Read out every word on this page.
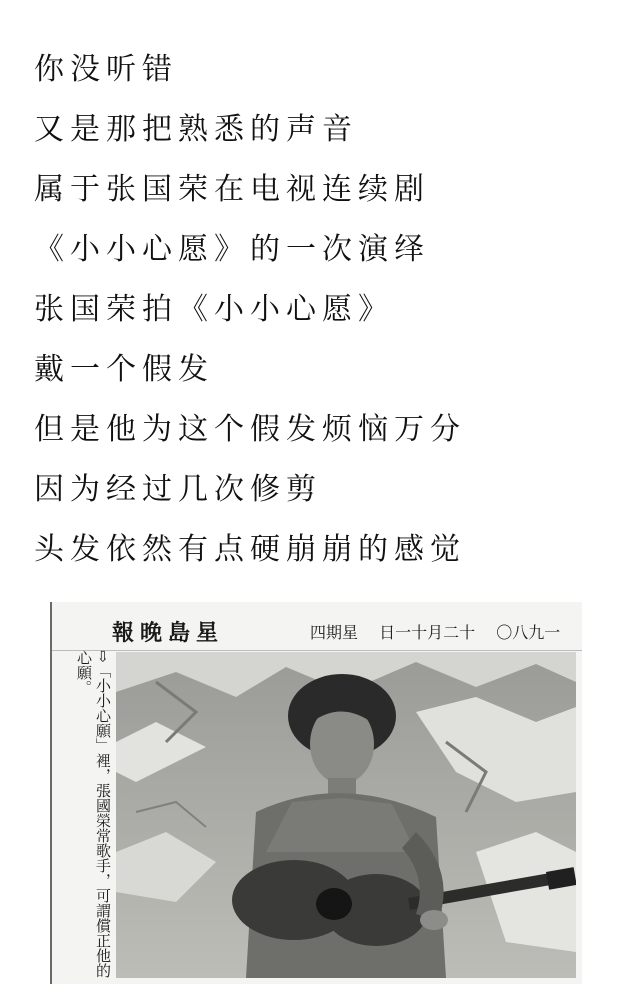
你没听错
又是那把熟悉的声音
属于张国荣在电视连续剧
《小小心愿》的一次演绎
张国荣拍《小小心愿》
戴一个假发
但是他为这个假发烦恼万分
因为经过几次修剪
头发依然有点硬崩崩的感觉
報晚島星	四期星 日一十月二十 〇八九一
⇨「小小心願」裡，張國榮常歌手，可謂償正他的心願。
